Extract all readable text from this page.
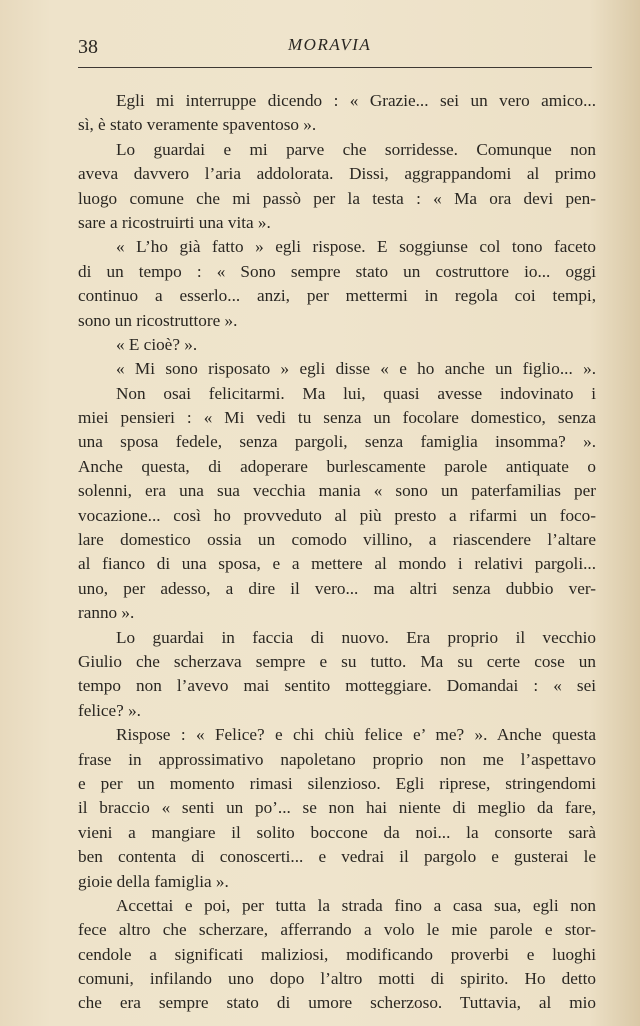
38	MORAVIA
Egli mi interruppe dicendo : « Grazie... sei un vero amico...
sì, è stato veramente spaventoso ».
Lo guardai e mi parve che sorridesse. Comunque non
aveva davvero l’aria addolorata. Dissi, aggrappandomi al primo
luogo comune che mi passò per la testa : « Ma ora devi pen-
sare a ricostruirti una vita ».
« L’ho già fatto » egli rispose. E soggiunse col tono faceto
di un tempo : « Sono sempre stato un costruttore io... oggi
continuo a esserlo... anzi, per mettermi in regola coi tempi,
sono un ricostruttore ».
« E cioè? ».
« Mi sono risposato » egli disse « e ho anche un figlio... ».
Non osai felicitarmi. Ma lui, quasi avesse indovinato i
miei pensieri : « Mi vedi tu senza un focolare domestico, senza
una sposa fedele, senza pargoli, senza famiglia insomma? ».
Anche questa, di adoperare burlescamente parole antiquate o
solenni, era una sua vecchia mania « sono un paterfamilias per
vocazione... così ho provveduto al più presto a rifarmi un foco-
lare domestico ossia un comodo villino, a riascendere l’altare
al fianco di una sposa, e a mettere al mondo i relativi pargoli...
uno, per adesso, a dire il vero... ma altri senza dubbio ver-
ranno ».
Lo guardai in faccia di nuovo. Era proprio il vecchio
Giulio che scherzava sempre e su tutto. Ma su certe cose un
tempo non l’avevo mai sentito motteggiare. Domandai : « sei
felice? ».
Rispose : « Felice? e chi chiù felice e’ me? ». Anche questa
frase in approssimativo napoletano proprio non me l’aspettavo
e per un momento rimasi silenzioso. Egli riprese, stringendomi
il braccio « senti un po’... se non hai niente di meglio da fare,
vieni a mangiare il solito boccone da noi... la consorte sarà
ben contenta di conoscerti... e vedrai il pargolo e gusterai le
gioie della famiglia ».
Accettai e poi, per tutta la strada fino a casa sua, egli non
fece altro che scherzare, afferrando a volo le mie parole e stor-
cendole a significati maliziosi, modificando proverbi e luoghi
comuni, infilando uno dopo l’altro motti di spirito. Ho detto
che era sempre stato di umore scherzoso. Tuttavia, al mio
